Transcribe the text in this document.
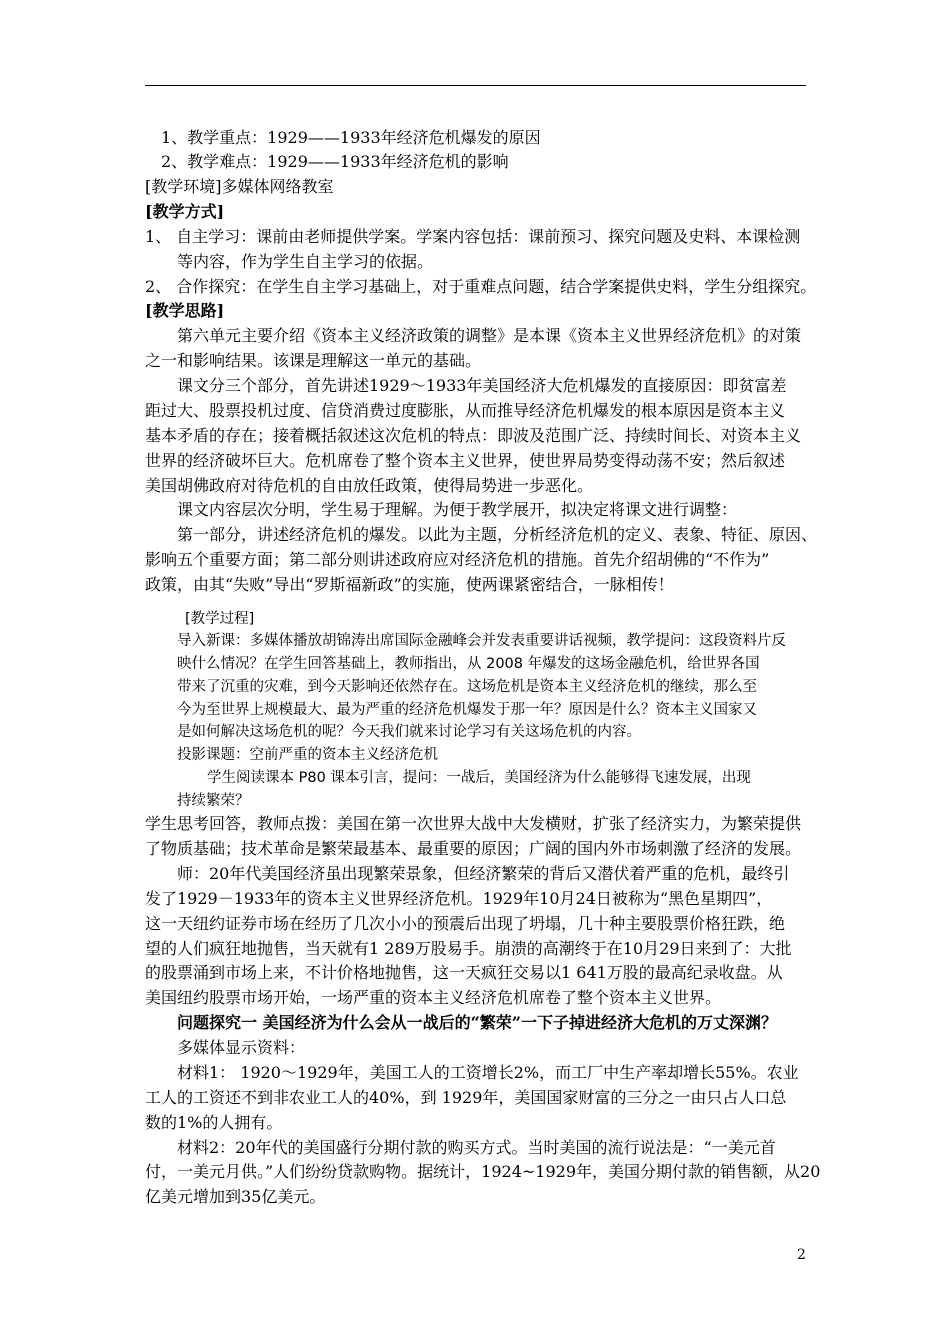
1、教学重点：1929——1933年经济危机爆发的原因
2、教学难点：1929——1933年经济危机的影响
[教学环境]多媒体网络教室
[教学方式]
1、 自主学习：课前由老师提供学案。学案内容包括：课前预习、探究问题及史料、本课检测
等内容，作为学生自主学习的依据。
2、 合作探究：在学生自主学习基础上，对于重难点问题，结合学案提供史料，学生分组探究。
[教学思路]
第六单元主要介绍《资本主义经济政策的调整》是本课《资本主义世界经济危机》的对策
之一和影响结果。该课是理解这一单元的基础。
课文分三个部分，首先讲述1929～1933年美国经济大危机爆发的直接原因：即贫富差
距过大、股票投机过度、信贷消费过度膨胀，从而推导经济危机爆发的根本原因是资本主义
基本矛盾的存在；接着概括叙述这次危机的特点：即波及范围广泛、持续时间长、对资本主义
世界的经济破坏巨大。危机席卷了整个资本主义世界，使世界局势变得动荡不安；然后叙述
美国胡佛政府对待危机的自由放任政策，使得局势进一步恶化。
课文内容层次分明，学生易于理解。为便于教学展开，拟决定将课文进行调整：
第一部分，讲述经济危机的爆发。以此为主题，分析经济危机的定义、表象、特征、原因、
影响五个重要方面；第二部分则讲述政府应对经济危机的措施。首先介绍胡佛的“不作为”
政策，由其“失败”导出“罗斯福新政”的实施，使两课紧密结合，一脉相传！
[教学过程]
导入新课：多媒体播放胡锦涛出席国际金融峰会并发表重要讲话视频，教学提问：这段资料片反
映什么情况？在学生回答基础上，教师指出，从 2008 年爆发的这场金融危机，给世界各国
带来了沉重的灾难，到今天影响还依然存在。这场危机是资本主义经济危机的继续，那么至
今为至世界上规模最大、最为严重的经济危机爆发于那一年？原因是什么？资本主义国家又
是如何解决这场危机的呢？今天我们就来讨论学习有关这场危机的内容。
投影课题：空前严重的资本主义经济危机
学生阅读课本 P80 课本引言，提问：一战后，美国经济为什么能够得飞速发展，出现
持续繁荣？
学生思考回答，教师点拨：美国在第一次世界大战中大发横财，扩张了经济实力，为繁荣提供
了物质基础；技术革命是繁荣最基本、最重要的原因；广阔的国内外市场刺激了经济的发展。
师：20年代美国经济虽出现繁荣景象，但经济繁荣的背后又潜伏着严重的危机，最终引
发了1929－1933年的资本主义世界经济危机。1929年10月24日被称为“黑色星期四”，
这一天纽约证券市场在经历了几次小小的预震后出现了坍塌，几十种主要股票价格狂跌，绝
望的人们疯狂地抛售，当天就有1 289万股易手。崩溃的高潮终于在10月29日来到了：大批
的股票涌到市场上来，不计价格地抛售，这一天疯狂交易以1 641万股的最高纪录收盘。从
美国纽约股票市场开始，一场严重的资本主义经济危机席卷了整个资本主义世界。
问题探究一 美国经济为什么会从一战后的“繁荣”一下子掉进经济大危机的万丈深渊？
多媒体显示资料：
材料1： 1920～1929年，美国工人的工资增长2%，而工厂中生产率却增长55%。农业
工人的工资还不到非农业工人的40%，到 1929年，美国国家财富的三分之一由只占人口总
数的1%的人拥有。
材料2：20年代的美国盛行分期付款的购买方式。当时美国的流行说法是：“一美元首
付，一美元月供。”人们纷纷贷款购物。据统计，1924~1929年，美国分期付款的销售额，从20
亿美元增加到35亿美元。
2
